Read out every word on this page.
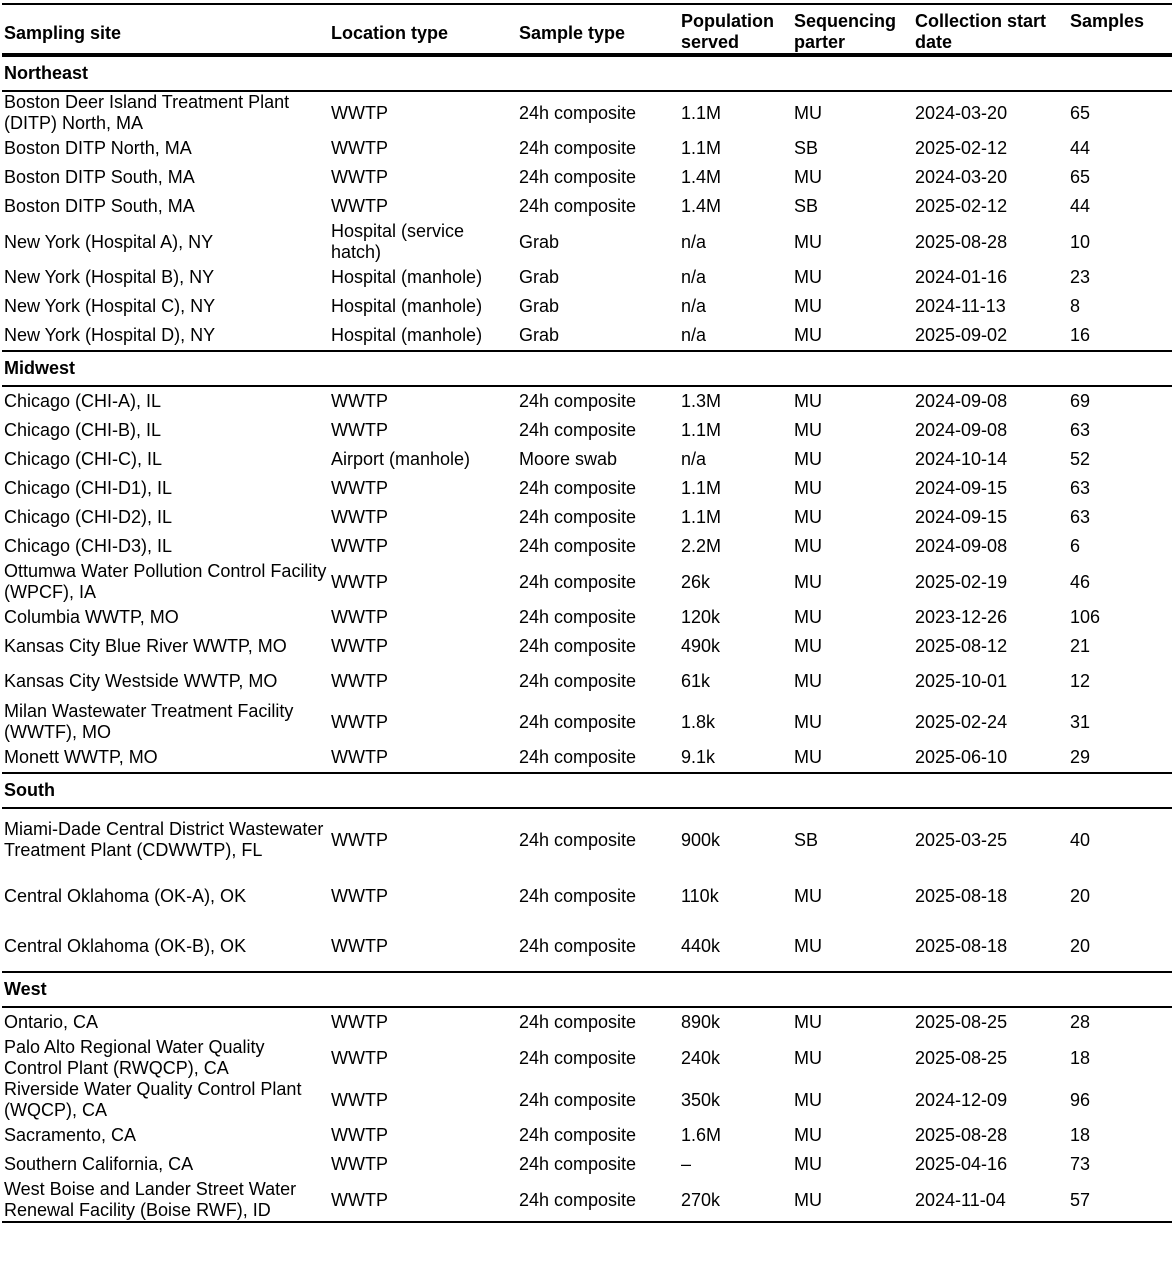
Sampling site	Location type	Sample type	Population served	Sequencing parter	Collection start date	Samples
Northeast						
Boston Deer Island Treatment Plant (DITP) North, MA	WWTP	24h composite	1.1M	MU	2024-03-20	65
Boston DITP North, MA	WWTP	24h composite	1.1M	SB	2025-02-12	44
Boston DITP South, MA	WWTP	24h composite	1.4M	MU	2024-03-20	65
Boston DITP South, MA	WWTP	24h composite	1.4M	SB	2025-02-12	44
New York (Hospital A), NY	Hospital (service hatch)	Grab	n/a	MU	2025-08-28	10
New York (Hospital B), NY	Hospital (manhole)	Grab	n/a	MU	2024-01-16	23
New York (Hospital C), NY	Hospital (manhole)	Grab	n/a	MU	2024-11-13	8
New York (Hospital D), NY	Hospital (manhole)	Grab	n/a	MU	2025-09-02	16
Midwest						
Chicago (CHI-A), IL	WWTP	24h composite	1.3M	MU	2024-09-08	69
Chicago (CHI-B), IL	WWTP	24h composite	1.1M	MU	2024-09-08	63
Chicago (CHI-C), IL	Airport (manhole)	Moore swab	n/a	MU	2024-10-14	52
Chicago (CHI-D1), IL	WWTP	24h composite	1.1M	MU	2024-09-15	63
Chicago (CHI-D2), IL	WWTP	24h composite	1.1M	MU	2024-09-15	63
Chicago (CHI-D3), IL	WWTP	24h composite	2.2M	MU	2024-09-08	6
Ottumwa Water Pollution Control Facility (WPCF), IA	WWTP	24h composite	26k	MU	2025-02-19	46
Columbia WWTP, MO	WWTP	24h composite	120k	MU	2023-12-26	106
Kansas City Blue River WWTP, MO	WWTP	24h composite	490k	MU	2025-08-12	21
Kansas City Westside WWTP, MO	WWTP	24h composite	61k	MU	2025-10-01	12
Milan Wastewater Treatment Facility (WWTF), MO	WWTP	24h composite	1.8k	MU	2025-02-24	31
Monett WWTP, MO	WWTP	24h composite	9.1k	MU	2025-06-10	29
South						
Miami-Dade Central District Wastewater Treatment Plant (CDWWTP), FL	WWTP	24h composite	900k	SB	2025-03-25	40
Central Oklahoma (OK-A), OK	WWTP	24h composite	110k	MU	2025-08-18	20
Central Oklahoma (OK-B), OK	WWTP	24h composite	440k	MU	2025-08-18	20
West						
Ontario, CA	WWTP	24h composite	890k	MU	2025-08-25	28
Palo Alto Regional Water Quality Control Plant (RWQCP), CA	WWTP	24h composite	240k	MU	2025-08-25	18
Riverside Water Quality Control Plant (WQCP), CA	WWTP	24h composite	350k	MU	2024-12-09	96
Sacramento, CA	WWTP	24h composite	1.6M	MU	2025-08-28	18
Southern California, CA	WWTP	24h composite	–	MU	2025-04-16	73
West Boise and Lander Street Water Renewal Facility (Boise RWF), ID	WWTP	24h composite	270k	MU	2024-11-04	57
